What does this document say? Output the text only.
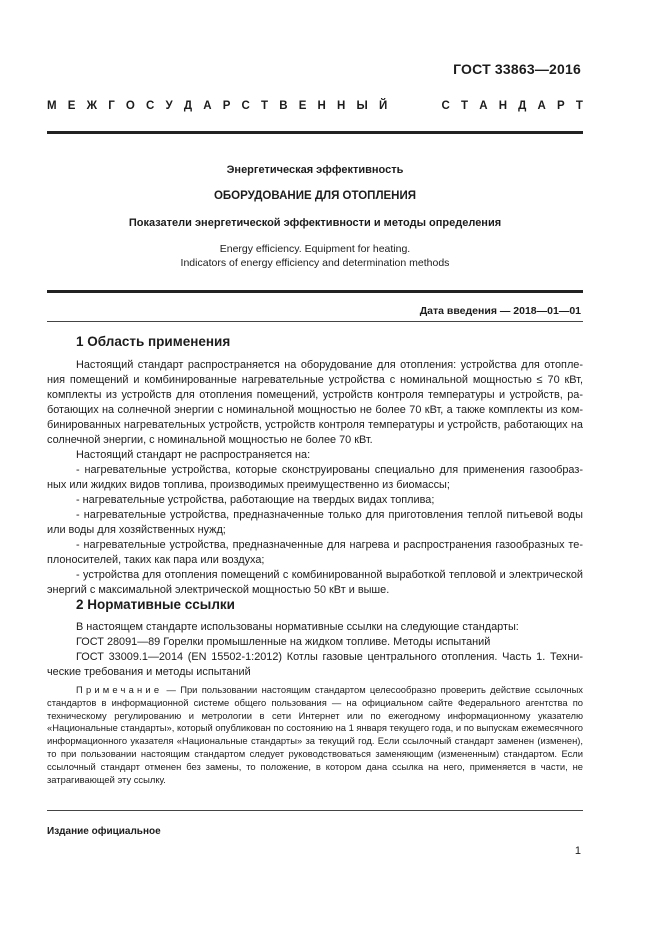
ГОСТ 33863—2016
М Е Ж Г О С У Д А Р С Т В Е Н Н Ы Й

	С Т А Н Д А Р Т
Энергетическая эффективность
ОБОРУДОВАНИЕ ДЛЯ ОТОПЛЕНИЯ
Показатели энергетической эффективности и методы определения
Energy efficiency. Equipment for heating.
Indicators of energy efficiency and determination methods
Дата введения — 2018—01—01
1 Область применения

Настоящий стандарт распространяется на оборудование для отопления: устройства для отопления помещений и комбинированные нагревательные устройства с номинальной мощностью ≤ 70 кВт, комплекты из устройств для отопления помещений, устройств контроля температуры и устройств, работающих на солнечной энергии с номинальной мощностью не более 70 кВт, а также комплекты из комбинированных нагревательных устройств, устройств контроля температуры и устройств, работающих на солнечной энергии, с номинальной мощностью не более 70 кВт.

Настоящий стандарт не распространяется на:

- нагревательные устройства, которые сконструированы специально для применения газообразных или жидких видов топлива, производимых преимущественно из биомассы;

- нагревательные устройства, работающие на твердых видах топлива;

- нагревательные устройства, предназначенные только для приготовления теплой питьевой воды или воды для хозяйственных нужд;

- нагревательные устройства, предназначенные для нагрева и распространения газообразных теплоносителей, таких как пара или воздуха;

- устройства для отопления помещений с комбинированной выработкой тепловой и электрической энергий с максимальной электрической мощностью 50 кВт и выше.

2 Нормативные ссылки

В настоящем стандарте использованы нормативные ссылки на следующие стандарты:

ГОСТ 28091—89 Горелки промышленные на жидком топливе. Методы испытаний

ГОСТ 33009.1—2014 (EN 15502-1:2012) Котлы газовые центрального отопления. Часть 1. Технические требования и методы испытаний

Примечание — При пользовании настоящим стандартом целесообразно проверить действие ссылочных стандартов в информационной системе общего пользования — на официальном сайте Федерального агентства по техническому регулированию и метрологии в сети Интернет или по ежегодному информационному указателю «Национальные стандарты», который опубликован по состоянию на 1 января текущего года, и по выпускам ежемесячного информационного указателя «Национальные стандарты» за текущий год. Если ссылочный стандарт заменен (изменен), то при пользовании настоящим стандартом следует руководствоваться заменяющим (измененным) стандартом. Если ссылочный стандарт отменен без замены, то положение, в котором дана ссылка на него, применяется в части, не затрагивающей эту ссылку.

Издание официальное
1
